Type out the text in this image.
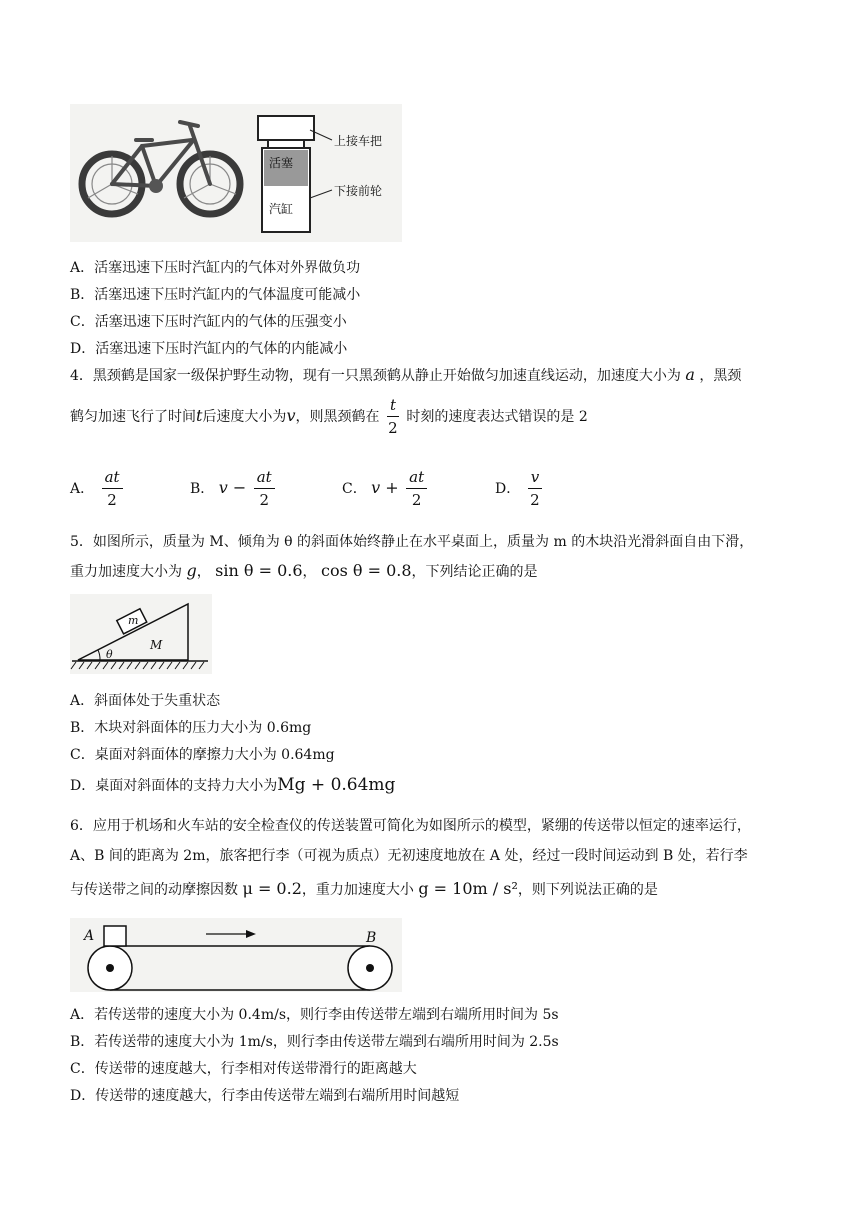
活塞
汽缸
上接车把
下接前轮
A．活塞迅速下压时汽缸内的气体对外界做负功
B．活塞迅速下压时汽缸内的气体温度可能减小
C．活塞迅速下压时汽缸内的气体的压强变小
D．活塞迅速下压时汽缸内的气体的内能减小
4．黑颈鹤是国家一级保护野生动物，现有一只黑颈鹤从静止开始做匀加速直线运动，加速度大小为 a ，黑颈
鹤匀加速飞行了时间t后速度大小为v，则黑颈鹤在 $\frac{t}{2}$ 时刻的速度表达式错误的是 2
A． $\frac{at}{2}$	B． $v - \frac{at}{2}$	C． $v + \frac{at}{2}$	D． $\frac{v}{2}$
5．如图所示，质量为 M、倾角为 θ 的斜面体始终静止在水平桌面上，质量为 m 的木块沿光滑斜面自由下滑，
重力加速度大小为 g， sin θ = 0.6， cos θ = 0.8，下列结论正确的是
m
M
θ
A．斜面体处于失重状态
B．木块对斜面体的压力大小为 0.6mg
C．桌面对斜面体的摩擦力大小为 0.64mg
D．桌面对斜面体的支持力大小为Mg + 0.64mg
6．应用于机场和火车站的安全检查仪的传送装置可简化为如图所示的模型，紧绷的传送带以恒定的速率运行，
A、B 间的距离为 2m，旅客把行李（可视为质点）无初速度地放在 A 处，经过一段时间运动到 B 处，若行李
与传送带之间的动摩擦因数 μ = 0.2，重力加速度大小 g = 10m / s²，则下列说法正确的是
A	B
A．若传送带的速度大小为 0.4m/s，则行李由传送带左端到右端所用时间为 5s
B．若传送带的速度大小为 1m/s，则行李由传送带左端到右端所用时间为 2.5s
C．传送带的速度越大，行李相对传送带滑行的距离越大
D．传送带的速度越大，行李由传送带左端到右端所用时间越短
